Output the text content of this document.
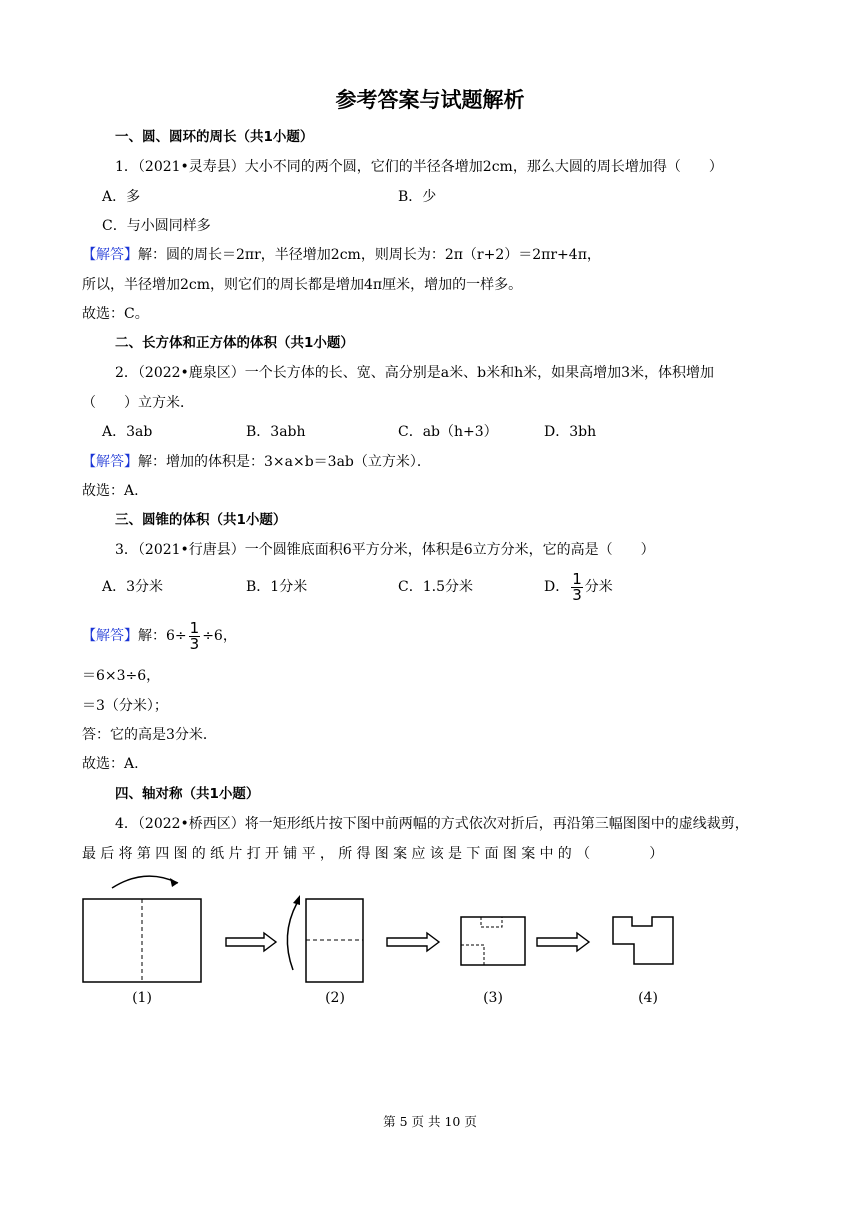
参考答案与试题解析
一、圆、圆环的周长（共1小题）
1．（2021•灵寿县）大小不同的两个圆，它们的半径各增加2cm，那么大圆的周长增加得（　　）
A．多	B．少
C．与小圆同样多
【解答】解：圆的周长＝2πr，半径增加2cm，则周长为：2π（r+2）＝2πr+4π，
所以，半径增加2cm，则它们的周长都是增加4π厘米，增加的一样多。
故选：C。
二、长方体和正方体的体积（共1小题）
2．（2022•鹿泉区）一个长方体的长、宽、高分别是a米、b米和h米，如果高增加3米，体积增加
（　　）立方米．
A．3ab	B．3abh	C．ab（h+3）	D．3bh
【解答】解：增加的体积是：3×a×b＝3ab（立方米）．
故选：A.
三、圆锥的体积（共1小题）
3．（2021•行唐县）一个圆锥底面积6平方分米，体积是6立方分米，它的高是（　　）
A．3分米	B．1分米	C．1.5分米	D． $\frac{1}{3}$ 分米
【解答】解：$6\div \frac{1}{3} \div 6$，
＝6×3÷6，
＝3（分米）；
答：它的高是3分米．
故选：A.
四、轴对称（共1小题）
4．（2022•桥西区）将一矩形纸片按下图中前两幅的方式依次对折后，再沿第三幅图图中的虚线裁剪，
最后将第四图的纸片打开铺平，所得图案应该是下面图案中的（　　　）
(1)	(2)	(3)	(4)
第 5 页 共 10 页
